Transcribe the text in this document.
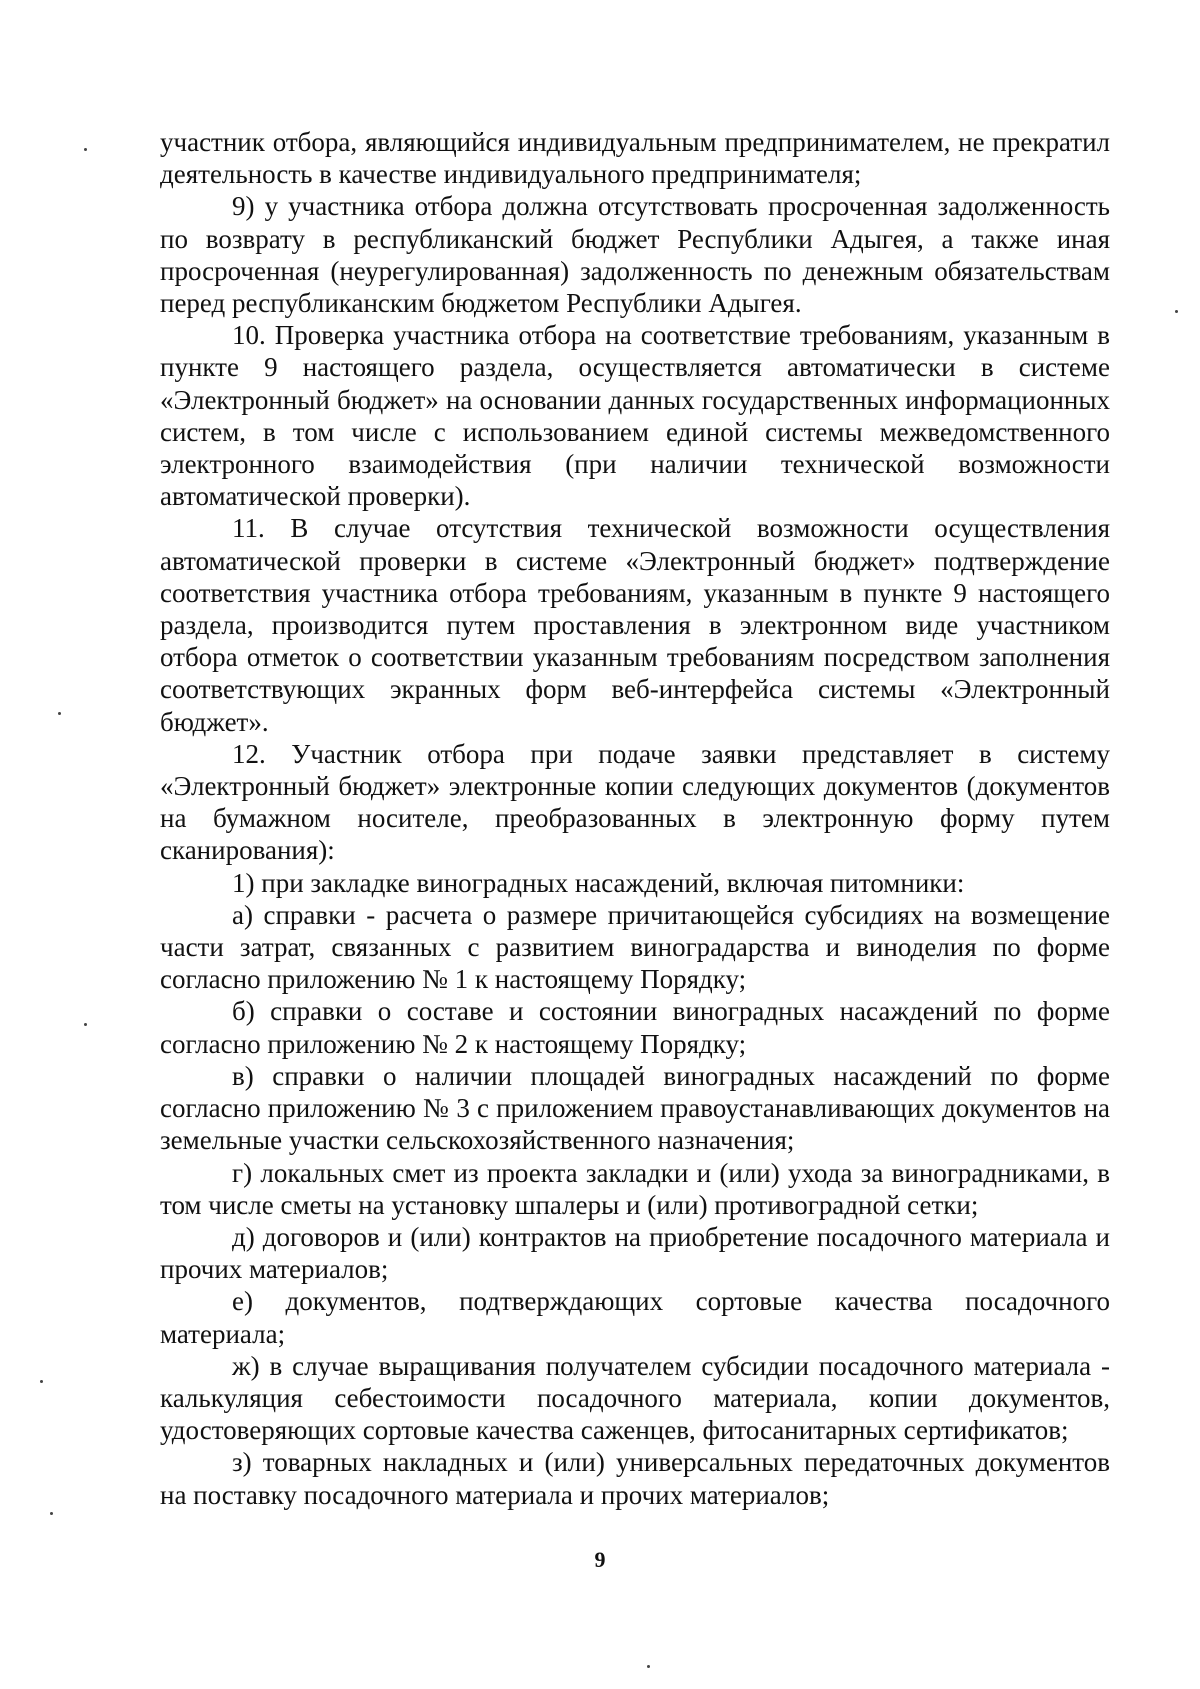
участник отбора, являющийся индивидуальным предпринимателем, не прекратил деятельность в качестве индивидуального предпринимателя;

9) у участника отбора должна отсутствовать просроченная задолженность по возврату в республиканский бюджет Республики Адыгея, а также иная просроченная (неурегулированная) задолженность по денежным обязательствам перед республиканским бюджетом Республики Адыгея.

10. Проверка участника отбора на соответствие требованиям, указанным в пункте 9 настоящего раздела, осуществляется автоматически в системе «Электронный бюджет» на основании данных государственных информационных систем, в том числе с использованием единой системы межведомственного электронного взаимодействия (при наличии технической возможности автоматической проверки).

11. В случае отсутствия технической возможности осуществления автоматической проверки в системе «Электронный бюджет» подтверждение соответствия участника отбора требованиям, указанным в пункте 9 настоящего раздела, производится путем проставления в электронном виде участником отбора отметок о соответствии указанным требованиям посредством заполнения соответствующих экранных форм веб-интерфейса системы «Электронный бюджет».

12. Участник отбора при подаче заявки представляет в систему «Электронный бюджет» электронные копии следующих документов (документов на бумажном носителе, преобразованных в электронную форму путем сканирования):

1) при закладке виноградных насаждений, включая питомники:

а) справки - расчета о размере причитающейся субсидиях на возмещение части затрат, связанных с развитием виноградарства и виноделия по форме согласно приложению № 1 к настоящему Порядку;

б) справки о составе и состоянии виноградных насаждений по форме согласно приложению № 2 к настоящему Порядку;

в) справки о наличии площадей виноградных насаждений по форме согласно приложению № 3 с приложением правоустанавливающих документов на земельные участки сельскохозяйственного назначения;

г) локальных смет из проекта закладки и (или) ухода за виноградниками, в том числе сметы на установку шпалеры и (или) противоградной сетки;

д) договоров и (или) контрактов на приобретение посадочного материала и прочих материалов;

е) документов, подтверждающих сортовые качества посадочного материала;

ж) в случае выращивания получателем субсидии посадочного материала - калькуляция себестоимости посадочного материала, копии документов, удостоверяющих сортовые качества саженцев, фитосанитарных сертификатов;

з) товарных накладных и (или) универсальных передаточных документов на поставку посадочного материала и прочих материалов;

9
